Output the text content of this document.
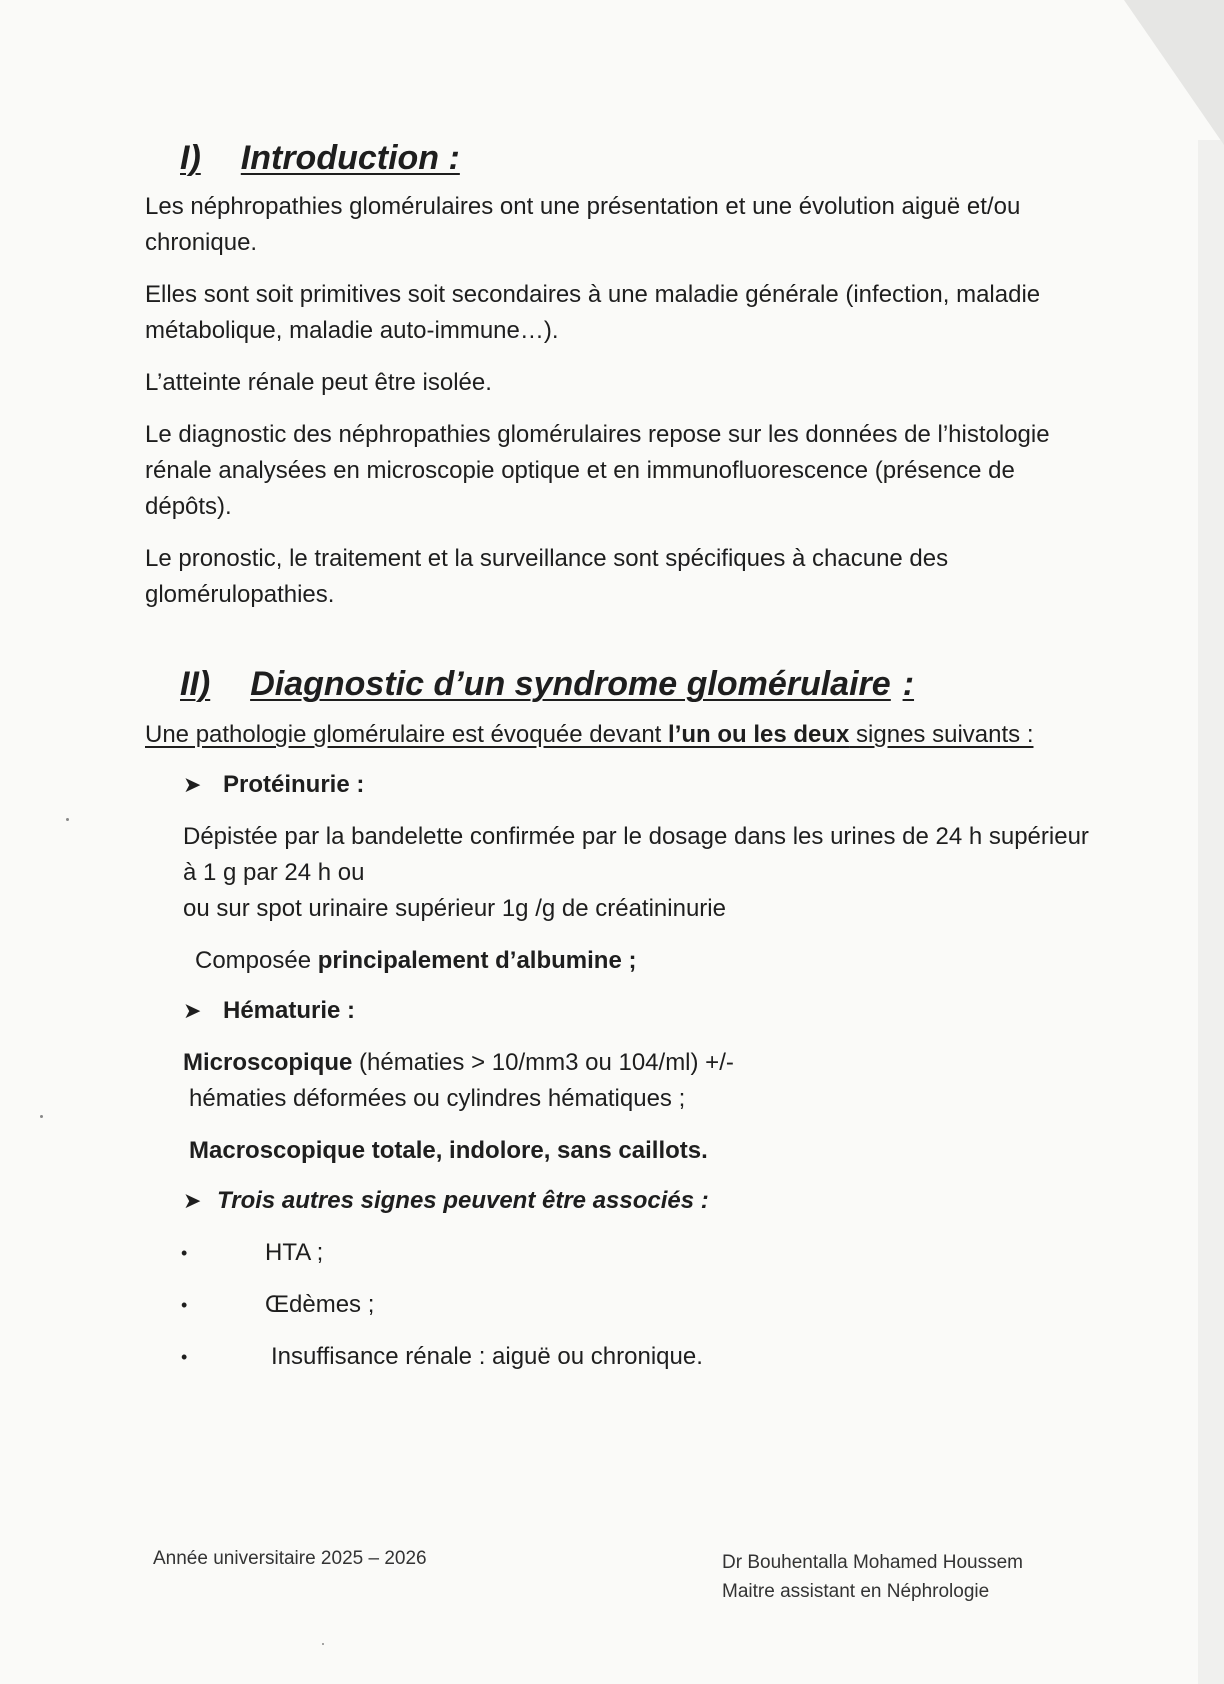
I) Introduction :

Les néphropathies glomérulaires ont une présentation et une évolution aiguë et/ou chronique.

Elles sont soit primitives soit secondaires à une maladie générale (infection, maladie métabolique, maladie auto-immune…).

L’atteinte rénale peut être isolée.

Le diagnostic des néphropathies glomérulaires repose sur les données de l’histologie rénale analysées en microscopie optique et en immunofluorescence (présence de dépôts).

Le pronostic, le traitement et la surveillance sont spécifiques à chacune des glomérulopathies.

II) Diagnostic d’un syndrome glomérulaire :

Une pathologie glomérulaire est évoquée devant l’un ou les deux signes suivants :

➤ Protéinurie :

Dépistée par la bandelette confirmée par le dosage dans les urines de 24 h supérieur à 1 g par 24 h ou

ou sur spot urinaire supérieur 1g /g de créatininurie

Composée principalement d’albumine ;

➤ Hématurie :

Microscopique (hématies > 10/mm3 ou 104/ml) +/-

hématies déformées ou cylindres hématiques ;

Macroscopique totale, indolore, sans caillots.

➤ Trois autres signes peuvent être associés :
•	HTA ;
•	Œdèmes ;
•	Insuffisance rénale : aiguë ou chronique.
Année universitaire 2025 – 2026	Dr Bouhentalla Mohamed Houssem
Maitre assistant en Néphrologie
